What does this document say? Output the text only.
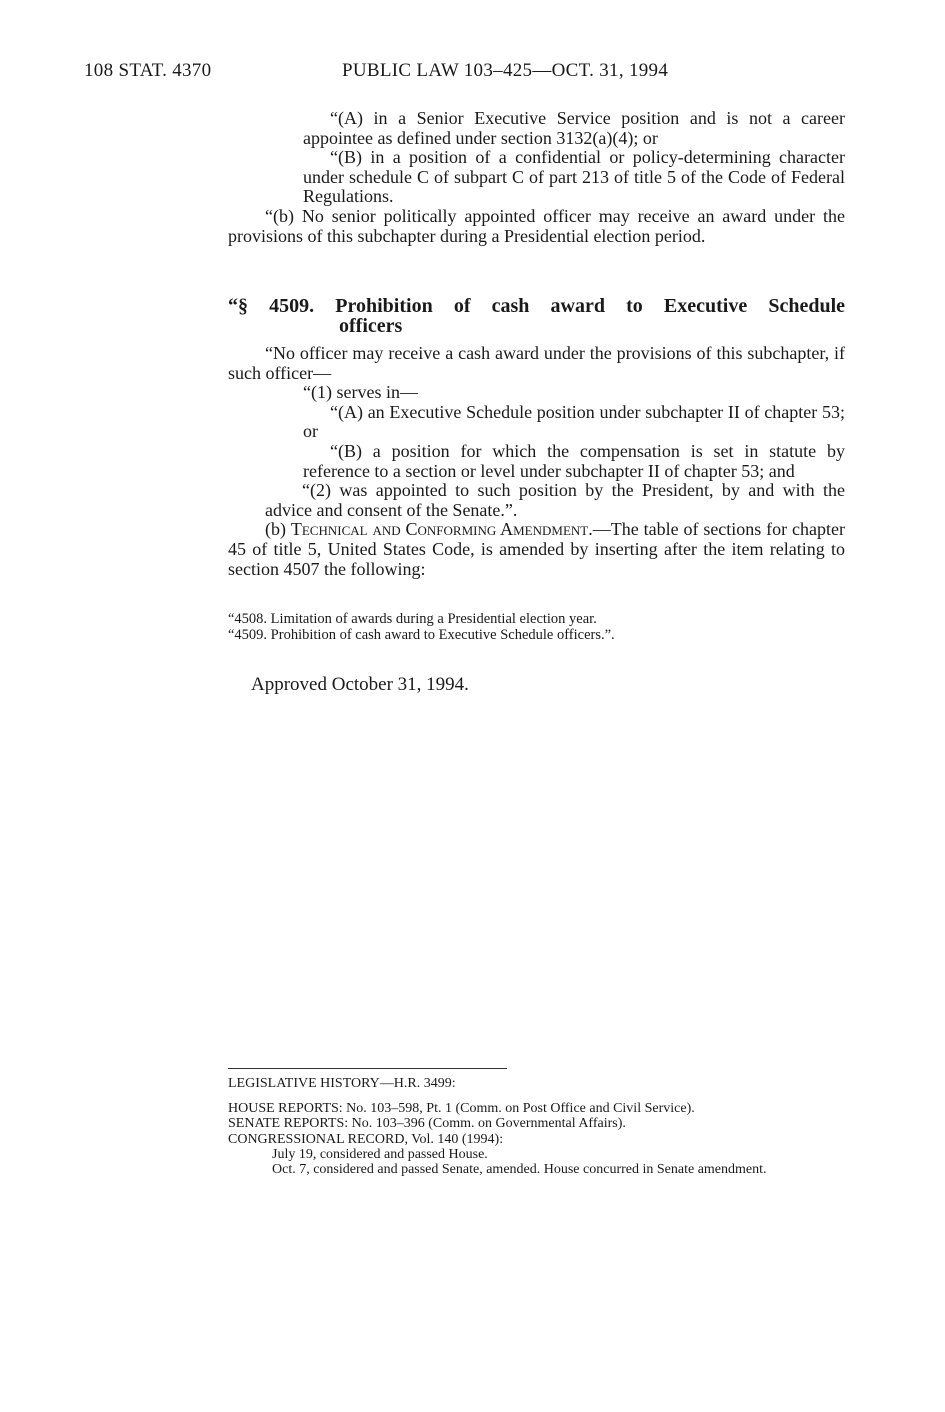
108 STAT. 4370	PUBLIC LAW 103–425—OCT. 31, 1994

“(A) in a Senior Executive Service position and is not a career appointee as defined under section 3132(a)(4); or

“(B) in a position of a confidential or policy-determining character under schedule C of subpart C of part 213 of title 5 of the Code of Federal Regulations.

“(b) No senior politically appointed officer may receive an award under the provisions of this subchapter during a Presidential election period.

“§ 4509. Prohibition of cash award to Executive Schedule
officers

“No officer may receive a cash award under the provisions of this subchapter, if such officer—

“(1) serves in—

“(A) an Executive Schedule position under subchapter II of chapter 53; or

“(B) a position for which the compensation is set in statute by reference to a section or level under subchapter II of chapter 53; and

“(2) was appointed to such position by the President, by and with the advice and consent of the Senate.”.

(b) Technical and Conforming Amendment.—The table of sections for chapter 45 of title 5, United States Code, is amended by inserting after the item relating to section 4507 the following:

“4508. Limitation of awards during a Presidential election year.
“4509. Prohibition of cash award to Executive Schedule officers.”.
Approved October 31, 1994.

LEGISLATIVE HISTORY—H.R. 3499:

HOUSE REPORTS: No. 103–598, Pt. 1 (Comm. on Post Office and Civil Service).

SENATE REPORTS: No. 103–396 (Comm. on Governmental Affairs).

CONGRESSIONAL RECORD, Vol. 140 (1994):

July 19, considered and passed House.

Oct. 7, considered and passed Senate, amended. House concurred in Senate amendment.
